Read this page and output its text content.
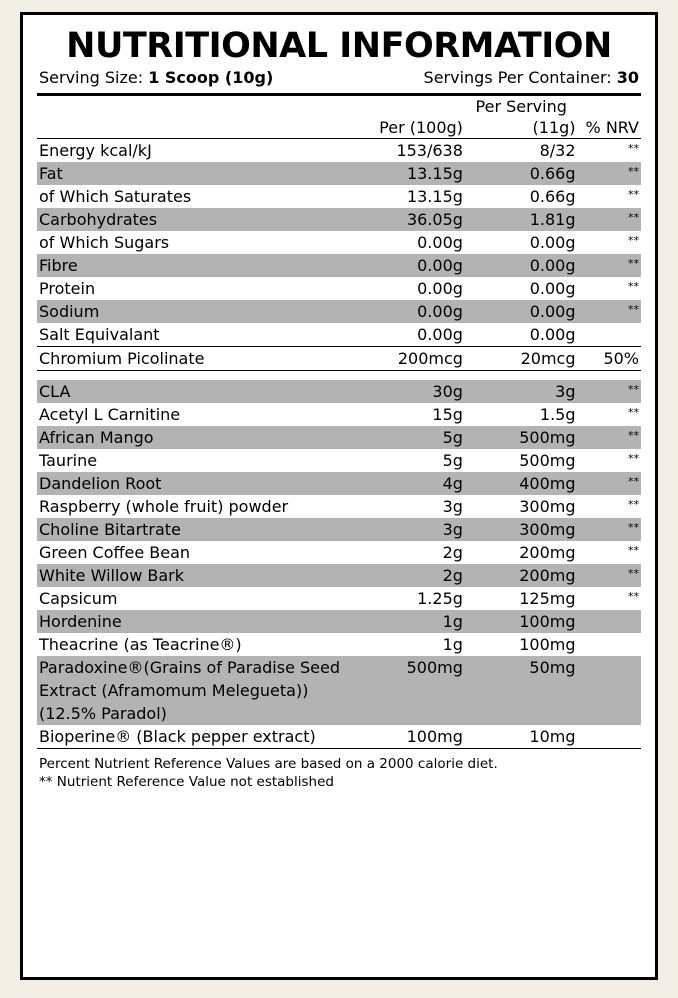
NUTRITIONAL INFORMATION
Serving Size: 1 Scoop (10g)	Servings Per Container: 30
		Per Serving	
	Per (100g)	(11g)	% NRV

Energy kcal/kJ	153/638	8/32	**
Fat	13.15g	0.66g	**
of Which Saturates	13.15g	0.66g	**
Carbohydrates	36.05g	1.81g	**
of Which Sugars	0.00g	0.00g	**
Fibre	0.00g	0.00g	**
Protein	0.00g	0.00g	**
Sodium	0.00g	0.00g	**
Salt Equivalant	0.00g	0.00g	

Chromium Picolinate	200mcg	20mcg	50%

CLA	30g	3g	**
Acetyl L Carnitine	15g	1.5g	**
African Mango	5g	500mg	**
Taurine	5g	500mg	**
Dandelion Root	4g	400mg	**
Raspberry (whole fruit) powder	3g	300mg	**
Choline Bitartrate	3g	300mg	**
Green Coffee Bean	2g	200mg	**
White Willow Bark	2g	200mg	**
Capsicum	1.25g	125mg	**
Hordenine	1g	100mg	
Theacrine (as Teacrine®)	1g	100mg	
Paradoxine®(Grains of Paradise Seed Extract (Aframomum Melegueta))(12.5% Paradol)	500mg	50mg	
Bioperine® (Black pepper extract)	100mg	10mg	
Percent Nutrient Reference Values are based on a 2000 calorie diet.
** Nutrient Reference Value not established
